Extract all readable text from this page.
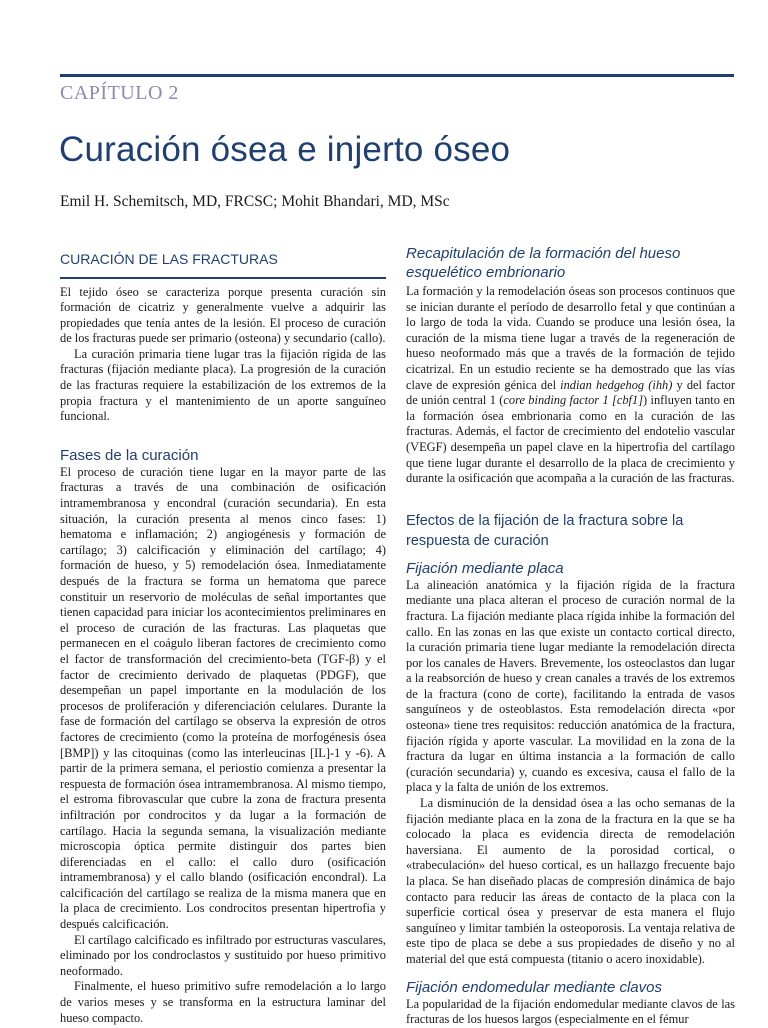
CAPÍTULO 2
Curación ósea e injerto óseo

Emil H. Schemitsch, MD, FRCSC; Mohit Bhandari, MD, MSc

CURACIÓN DE LAS FRACTURAS

El tejido óseo se caracteriza porque presenta curación sin formación de cicatriz y generalmente vuelve a adquirir las propiedades que tenía antes de la lesión. El proceso de curación de los fracturas puede ser primario (osteona) y secundario (callo).

La curación primaria tiene lugar tras la fijación rígida de las fracturas (fijación mediante placa). La progresión de la curación de las fracturas requiere la estabilización de los extremos de la propia fractura y el mantenimiento de un aporte sanguíneo funcional.

Fases de la curación

El proceso de curación tiene lugar en la mayor parte de las fracturas a través de una combinación de osificación intramembranosa y encondral (curación secundaria). En esta situación, la curación presenta al menos cinco fases: 1) hematoma e inflamación; 2) angiogénesis y formación de cartílago; 3) calcificación y eliminación del cartílago; 4) formación de hueso, y 5) remodelación ósea. Inmediatamente después de la fractura se forma un hematoma que parece constituir un reservorio de moléculas de señal importantes que tienen capacidad para iniciar los acontecimientos preliminares en el proceso de curación de las fracturas. Las plaquetas que permanecen en el coágulo liberan factores de crecimiento como el factor de transformación del crecimiento-beta (TGF-β) y el factor de crecimiento derivado de plaquetas (PDGF), que desempeñan un papel importante en la modulación de los procesos de proliferación y diferenciación celulares. Durante la fase de formación del cartílago se observa la expresión de otros factores de crecimiento (como la proteína de morfogénesis ósea [BMP]) y las citoquinas (como las interleucinas [IL]-1 y -6). A partir de la primera semana, el periostio comienza a presentar la respuesta de formación ósea intramembranosa. Al mismo tiempo, el estroma fibrovascular que cubre la zona de fractura presenta infiltración por condrocitos y da lugar a la formación de cartílago. Hacia la segunda semana, la visualización mediante microscopia óptica permite distinguir dos partes bien diferenciadas en el callo: el callo duro (osificación intramembranosa) y el callo blando (osificación encondral). La calcificación del cartílago se realiza de la misma manera que en la placa de crecimiento. Los condrocitos presentan hipertrofia y después calcificación.

El cartílago calcificado es infiltrado por estructuras vasculares, eliminado por los condroclastos y sustituido por hueso primitivo neoformado.

Finalmente, el hueso primitivo sufre remodelación a lo largo de varios meses y se transforma en la estructura laminar del hueso compacto.

Recapitulación de la formación del hueso esquelético embrionario

La formación y la remodelación óseas son procesos continuos que se inician durante el período de desarrollo fetal y que continúan a lo largo de toda la vida. Cuando se produce una lesión ósea, la curación de la misma tiene lugar a través de la regeneración de hueso neoformado más que a través de la formación de tejido cicatrizal. En un estudio reciente se ha demostrado que las vías clave de expresión génica del indian hedgehog (ihh) y del factor de unión central 1 (core binding factor 1 [cbf1]) influyen tanto en la formación ósea embrionaria como en la curación de las fracturas. Además, el factor de crecimiento del endotelio vascular (VEGF) desempeña un papel clave en la hipertrofia del cartílago que tiene lugar durante el desarrollo de la placa de crecimiento y durante la osificación que acompaña a la curación de las fracturas.

Efectos de la fijación de la fractura sobre la respuesta de curación
Fijación mediante placa

La alineación anatómica y la fijación rígida de la fractura mediante una placa alteran el proceso de curación normal de la fractura. La fijación mediante placa rígida inhibe la formación del callo. En las zonas en las que existe un contacto cortical directo, la curación primaria tiene lugar mediante la remodelación directa por los canales de Havers. Brevemente, los osteoclastos dan lugar a la reabsorción de hueso y crean canales a través de los extremos de la fractura (cono de corte), facilitando la entrada de vasos sanguíneos y de osteoblastos. Esta remodelación directa «por osteona» tiene tres requisitos: reducción anatómica de la fractura, fijación rígida y aporte vascular. La movilidad en la zona de la fractura da lugar en última instancia a la formación de callo (curación secundaria) y, cuando es excesiva, causa el fallo de la placa y la falta de unión de los extremos.

La disminución de la densidad ósea a las ocho semanas de la fijación mediante placa en la zona de la fractura en la que se ha colocado la placa es evidencia directa de remodelación haversiana. El aumento de la porosidad cortical, o «trabeculación» del hueso cortical, es un hallazgo frecuente bajo la placa. Se han diseñado placas de compresión dinámica de bajo contacto para reducir las áreas de contacto de la placa con la superficie cortical ósea y preservar de esta manera el flujo sanguíneo y limitar también la osteoporosis. La ventaja relativa de este tipo de placa se debe a sus propiedades de diseño y no al material del que está compuesta (titanio o acero inoxidable).

Fijación endomedular mediante clavos

La popularidad de la fijación endomedular mediante clavos de las fracturas de los huesos largos (especialmente en el fémur
